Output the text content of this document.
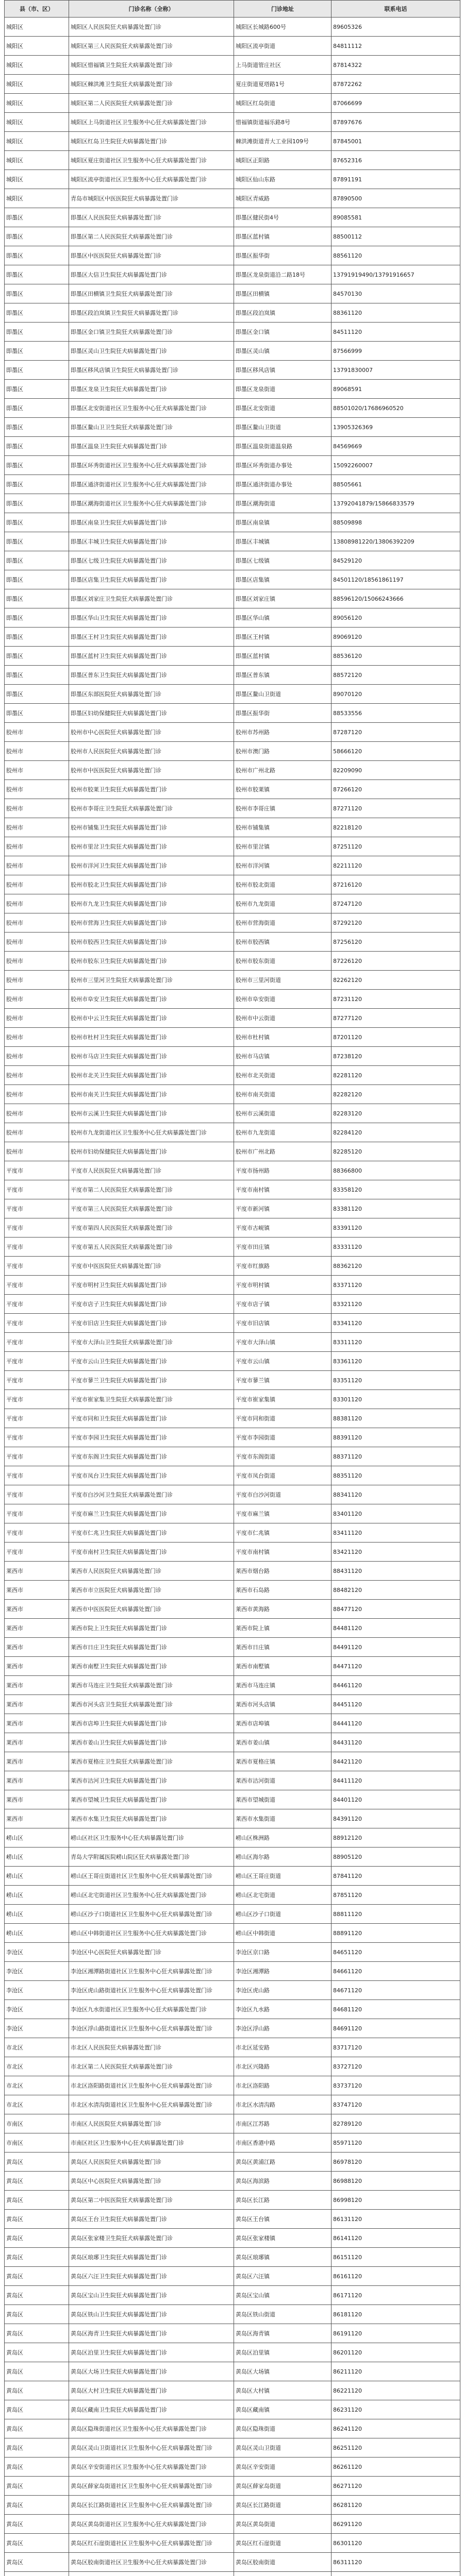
县（市、区）	门诊名称（全称）	门诊地址	联系电话
城阳区	城阳区人民医院狂犬病暴露处置门诊	城阳区长城路600号	89605326
城阳区	城阳区第三人民医院狂犬病暴露处置门诊	城阳区流亭街道	84811112
城阳区	城阳区惜福镇卫生院狂犬病暴露处置门诊	上马街道管庄社区	87814322
城阳区	城阳区棘洪滩卫生院狂犬病暴露处置门诊	夏庄街道夏塔路1号	87872262
城阳区	城阳区第二人民医院狂犬病暴露处置门诊	城阳区红岛街道	87066699
城阳区	城阳区上马街道社区卫生服务中心狂犬病暴露处置门诊	惜福镇街道福乐路8号	87897676
城阳区	城阳区红岛卫生院狂犬病暴露处置门诊	棘洪滩街道青大工业园109号	87845001
城阳区	城阳区夏庄街道社区卫生服务中心狂犬病暴露处置门诊	城阳区正阳路	87652316
城阳区	城阳区流亭街道社区卫生服务中心狂犬病暴露处置门诊	城阳区仙山东路	87891191
城阳区	青岛市城阳区中医医院狂犬病暴露处置门诊	城阳区青威路	87890500
即墨区	即墨区人民医院狂犬病暴露处置门诊	即墨区健民街4号	89085581
即墨区	即墨区第二人民医院狂犬病暴露处置门诊	即墨区蓝村镇	88500112
即墨区	即墨区中医医院狂犬病暴露处置门诊	即墨区振华街	88561120
即墨区	即墨区大信卫生院狂犬病暴露处置门诊	即墨区龙泉街道沿二路18号	13791919490/13791916657
即墨区	即墨区田横镇卫生院狂犬病暴露处置门诊	即墨区田横镇	84570130
即墨区	即墨区段泊岚镇卫生院狂犬病暴露处置门诊	即墨区段泊岚镇	88361120
即墨区	即墨区金口镇卫生院狂犬病暴露处置门诊	即墨区金口镇	84511120
即墨区	即墨区灵山卫生院狂犬病暴露处置门诊	即墨区灵山镇	87566999
即墨区	即墨区移风店镇卫生院狂犬病暴露处置门诊	即墨区移风店镇	13791830007
即墨区	即墨区龙泉卫生院狂犬病暴露处置门诊	即墨区龙泉街道	89068591
即墨区	即墨区北安街道社区卫生服务中心狂犬病暴露处置门诊	即墨区北安街道	88501020/17686960520
即墨区	即墨区鳌山卫卫生院狂犬病暴露处置门诊	即墨区鳌山卫街道	13905326369
即墨区	即墨区温泉卫生院狂犬病暴露处置门诊	即墨区温泉街道温泉路	84569669
即墨区	即墨区环秀街道社区卫生服务中心狂犬病暴露处置门诊	即墨区环秀街道办事处	15092260007
即墨区	即墨区通济街道社区卫生服务中心狂犬病暴露处置门诊	即墨区通济街道办事处	88505661
即墨区	即墨区潮海街道社区卫生服务中心狂犬病暴露处置门诊	即墨区潮海街道	13792041879/15866833579
即墨区	即墨区南泉卫生院狂犬病暴露处置门诊	即墨区南泉镇	88509898
即墨区	即墨区丰城卫生院狂犬病暴露处置门诊	即墨区丰城镇	13808981220/13806392209
即墨区	即墨区七级卫生院狂犬病暴露处置门诊	即墨区七级镇	84529120
即墨区	即墨区店集卫生院狂犬病暴露处置门诊	即墨区店集镇	84501120/18561861197
即墨区	即墨区刘家庄卫生院狂犬病暴露处置门诊	即墨区刘家庄镇	88596120/15066243666
即墨区	即墨区华山卫生院狂犬病暴露处置门诊	即墨区华山镇	89056120
即墨区	即墨区王村卫生院狂犬病暴露处置门诊	即墨区王村镇	89069120
即墨区	即墨区蓝村卫生院狂犬病暴露处置门诊	即墨区蓝村镇	88536120
即墨区	即墨区普东卫生院狂犬病暴露处置门诊	即墨区普东镇	88572120
即墨区	即墨区东部医院狂犬病暴露处置门诊	即墨区鳌山卫街道	89070120
即墨区	即墨区妇幼保健院狂犬病暴露处置门诊	即墨区振华街	88533556
胶州市	胶州市中心医院狂犬病暴露处置门诊	胶州市苏州路	87287120
胶州市	胶州市人民医院狂犬病暴露处置门诊	胶州市澳门路	58666120
胶州市	胶州市中医医院狂犬病暴露处置门诊	胶州市广州北路	82209090
胶州市	胶州市胶莱卫生院狂犬病暴露处置门诊	胶州市胶莱镇	87266120
胶州市	胶州市李哥庄卫生院狂犬病暴露处置门诊	胶州市李哥庄镇	87271120
胶州市	胶州市铺集卫生院狂犬病暴露处置门诊	胶州市铺集镇	82218120
胶州市	胶州市里岔卫生院狂犬病暴露处置门诊	胶州市里岔镇	87251120
胶州市	胶州市洋河卫生院狂犬病暴露处置门诊	胶州市洋河镇	82211120
胶州市	胶州市胶北卫生院狂犬病暴露处置门诊	胶州市胶北街道	87216120
胶州市	胶州市九龙卫生院狂犬病暴露处置门诊	胶州市九龙街道	87247120
胶州市	胶州市营海卫生院狂犬病暴露处置门诊	胶州市营海街道	87292120
胶州市	胶州市胶西卫生院狂犬病暴露处置门诊	胶州市胶西镇	87256120
胶州市	胶州市胶东卫生院狂犬病暴露处置门诊	胶州市胶东街道	87226120
胶州市	胶州市三里河卫生院狂犬病暴露处置门诊	胶州市三里河街道	82262120
胶州市	胶州市阜安卫生院狂犬病暴露处置门诊	胶州市阜安街道	87231120
胶州市	胶州市中云卫生院狂犬病暴露处置门诊	胶州市中云街道	87277120
胶州市	胶州市杜村卫生院狂犬病暴露处置门诊	胶州市杜村镇	87201120
胶州市	胶州市马店卫生院狂犬病暴露处置门诊	胶州市马店镇	87238120
胶州市	胶州市北关卫生院狂犬病暴露处置门诊	胶州市北关街道	82281120
胶州市	胶州市南关卫生院狂犬病暴露处置门诊	胶州市南关街道	82282120
胶州市	胶州市云溪卫生院狂犬病暴露处置门诊	胶州市云溪街道	82283120
胶州市	胶州市九龙街道社区卫生服务中心狂犬病暴露处置门诊	胶州市九龙街道	82284120
胶州市	胶州市妇幼保健院狂犬病暴露处置门诊	胶州市广州北路	82285120
平度市	平度市人民医院狂犬病暴露处置门诊	平度市扬州路	88366800
平度市	平度市第二人民医院狂犬病暴露处置门诊	平度市南村镇	83358120
平度市	平度市第三人民医院狂犬病暴露处置门诊	平度市新河镇	83381120
平度市	平度市第四人民医院狂犬病暴露处置门诊	平度市古岘镇	83391120
平度市	平度市第五人民医院狂犬病暴露处置门诊	平度市田庄镇	83331120
平度市	平度市中医医院狂犬病暴露处置门诊	平度市红旗路	88362120
平度市	平度市明村卫生院狂犬病暴露处置门诊	平度市明村镇	83371120
平度市	平度市店子卫生院狂犬病暴露处置门诊	平度市店子镇	83321120
平度市	平度市旧店卫生院狂犬病暴露处置门诊	平度市旧店镇	83341120
平度市	平度市大泽山卫生院狂犬病暴露处置门诊	平度市大泽山镇	83311120
平度市	平度市云山卫生院狂犬病暴露处置门诊	平度市云山镇	83361120
平度市	平度市蓼兰卫生院狂犬病暴露处置门诊	平度市蓼兰镇	83351120
平度市	平度市崔家集卫生院狂犬病暴露处置门诊	平度市崔家集镇	83301120
平度市	平度市同和卫生院狂犬病暴露处置门诊	平度市同和街道	88381120
平度市	平度市李园卫生院狂犬病暴露处置门诊	平度市李园街道	88391120
平度市	平度市东阁卫生院狂犬病暴露处置门诊	平度市东阁街道	88371120
平度市	平度市凤台卫生院狂犬病暴露处置门诊	平度市凤台街道	88351120
平度市	平度市白沙河卫生院狂犬病暴露处置门诊	平度市白沙河街道	88341120
平度市	平度市麻兰卫生院狂犬病暴露处置门诊	平度市麻兰镇	83401120
平度市	平度市仁兆卫生院狂犬病暴露处置门诊	平度市仁兆镇	83411120
平度市	平度市南村卫生院狂犬病暴露处置门诊	平度市南村镇	83421120
莱西市	莱西市人民医院狂犬病暴露处置门诊	莱西市烟台路	88431120
莱西市	莱西市市立医院狂犬病暴露处置门诊	莱西市石岛路	88482120
莱西市	莱西市中医医院狂犬病暴露处置门诊	莱西市黄海路	88477120
莱西市	莱西市院上卫生院狂犬病暴露处置门诊	莱西市院上镇	84481120
莱西市	莱西市日庄卫生院狂犬病暴露处置门诊	莱西市日庄镇	84491120
莱西市	莱西市南墅卫生院狂犬病暴露处置门诊	莱西市南墅镇	84471120
莱西市	莱西市马连庄卫生院狂犬病暴露处置门诊	莱西市马连庄镇	84461120
莱西市	莱西市河头店卫生院狂犬病暴露处置门诊	莱西市河头店镇	84451120
莱西市	莱西市店埠卫生院狂犬病暴露处置门诊	莱西市店埠镇	84441120
莱西市	莱西市姜山卫生院狂犬病暴露处置门诊	莱西市姜山镇	84431120
莱西市	莱西市夏格庄卫生院狂犬病暴露处置门诊	莱西市夏格庄镇	84421120
莱西市	莱西市沽河卫生院狂犬病暴露处置门诊	莱西市沽河街道	84411120
莱西市	莱西市望城卫生院狂犬病暴露处置门诊	莱西市望城街道	84401120
莱西市	莱西市水集卫生院狂犬病暴露处置门诊	莱西市水集街道	84391120
崂山区	崂山区社区卫生服务中心狂犬病暴露处置门诊	崂山区株洲路	88912120
崂山区	青岛大学附属医院崂山院区狂犬病暴露处置门诊	崂山区海尔路	88905120
崂山区	崂山区王哥庄街道社区卫生服务中心狂犬病暴露处置门诊	崂山区王哥庄街道	87841120
崂山区	崂山区北宅街道社区卫生服务中心狂犬病暴露处置门诊	崂山区北宅街道	87851120
崂山区	崂山区沙子口街道社区卫生服务中心狂犬病暴露处置门诊	崂山区沙子口街道	88811120
崂山区	崂山区中韩街道社区卫生服务中心狂犬病暴露处置门诊	崂山区中韩街道	88891120
李沧区	李沧区中心医院狂犬病暴露处置门诊	李沧区京口路	84651120
李沧区	李沧区湘潭路街道社区卫生服务中心狂犬病暴露处置门诊	李沧区湘潭路	84661120
李沧区	李沧区虎山路街道社区卫生服务中心狂犬病暴露处置门诊	李沧区虎山路	84671120
李沧区	李沧区九水街道社区卫生服务中心狂犬病暴露处置门诊	李沧区九水路	84681120
李沧区	李沧区浮山路街道社区卫生服务中心狂犬病暴露处置门诊	李沧区浮山路	84691120
市北区	市北区人民医院狂犬病暴露处置门诊	市北区延安路	83717120
市北区	市北区第二人民医院狂犬病暴露处置门诊	市北区兴隆路	83727120
市北区	市北区洛阳路街道社区卫生服务中心狂犬病暴露处置门诊	市北区洛阳路	83737120
市北区	市北区水清沟街道社区卫生服务中心狂犬病暴露处置门诊	市北区水清沟路	83747120
市南区	市南区人民医院狂犬病暴露处置门诊	市南区江苏路	82789120
市南区	市南区社区卫生服务中心狂犬病暴露处置门诊	市南区香港中路	85971120
黄岛区	黄岛区人民医院狂犬病暴露处置门诊	黄岛区黄浦江路	86978120
黄岛区	黄岛区中心医院狂犬病暴露处置门诊	黄岛区海滨路	86988120
黄岛区	黄岛区第二中医医院狂犬病暴露处置门诊	黄岛区长江路	86998120
黄岛区	黄岛区王台卫生院狂犬病暴露处置门诊	黄岛区王台镇	86131120
黄岛区	黄岛区张家楼卫生院狂犬病暴露处置门诊	黄岛区张家楼镇	86141120
黄岛区	黄岛区琅琊卫生院狂犬病暴露处置门诊	黄岛区琅琊镇	86151120
黄岛区	黄岛区六汪卫生院狂犬病暴露处置门诊	黄岛区六汪镇	86161120
黄岛区	黄岛区宝山卫生院狂犬病暴露处置门诊	黄岛区宝山镇	86171120
黄岛区	黄岛区铁山卫生院狂犬病暴露处置门诊	黄岛区铁山街道	86181120
黄岛区	黄岛区海青卫生院狂犬病暴露处置门诊	黄岛区海青镇	86191120
黄岛区	黄岛区泊里卫生院狂犬病暴露处置门诊	黄岛区泊里镇	86201120
黄岛区	黄岛区大场卫生院狂犬病暴露处置门诊	黄岛区大场镇	86211120
黄岛区	黄岛区大村卫生院狂犬病暴露处置门诊	黄岛区大村镇	86221120
黄岛区	黄岛区藏南卫生院狂犬病暴露处置门诊	黄岛区藏南镇	86231120
黄岛区	黄岛区隐珠街道社区卫生服务中心狂犬病暴露处置门诊	黄岛区隐珠街道	86241120
黄岛区	黄岛区灵山卫街道社区卫生服务中心狂犬病暴露处置门诊	黄岛区灵山卫街道	86251120
黄岛区	黄岛区辛安街道社区卫生服务中心狂犬病暴露处置门诊	黄岛区辛安街道	86261120
黄岛区	黄岛区薛家岛街道社区卫生服务中心狂犬病暴露处置门诊	黄岛区薛家岛街道	86271120
黄岛区	黄岛区长江路街道社区卫生服务中心狂犬病暴露处置门诊	黄岛区长江路街道	86281120
黄岛区	黄岛区黄岛街道社区卫生服务中心狂犬病暴露处置门诊	黄岛区黄岛街道	86291120
黄岛区	黄岛区红石崖街道社区卫生服务中心狂犬病暴露处置门诊	黄岛区红石崖街道	86301120
黄岛区	黄岛区胶南街道社区卫生服务中心狂犬病暴露处置门诊	黄岛区胶南街道	86311120
